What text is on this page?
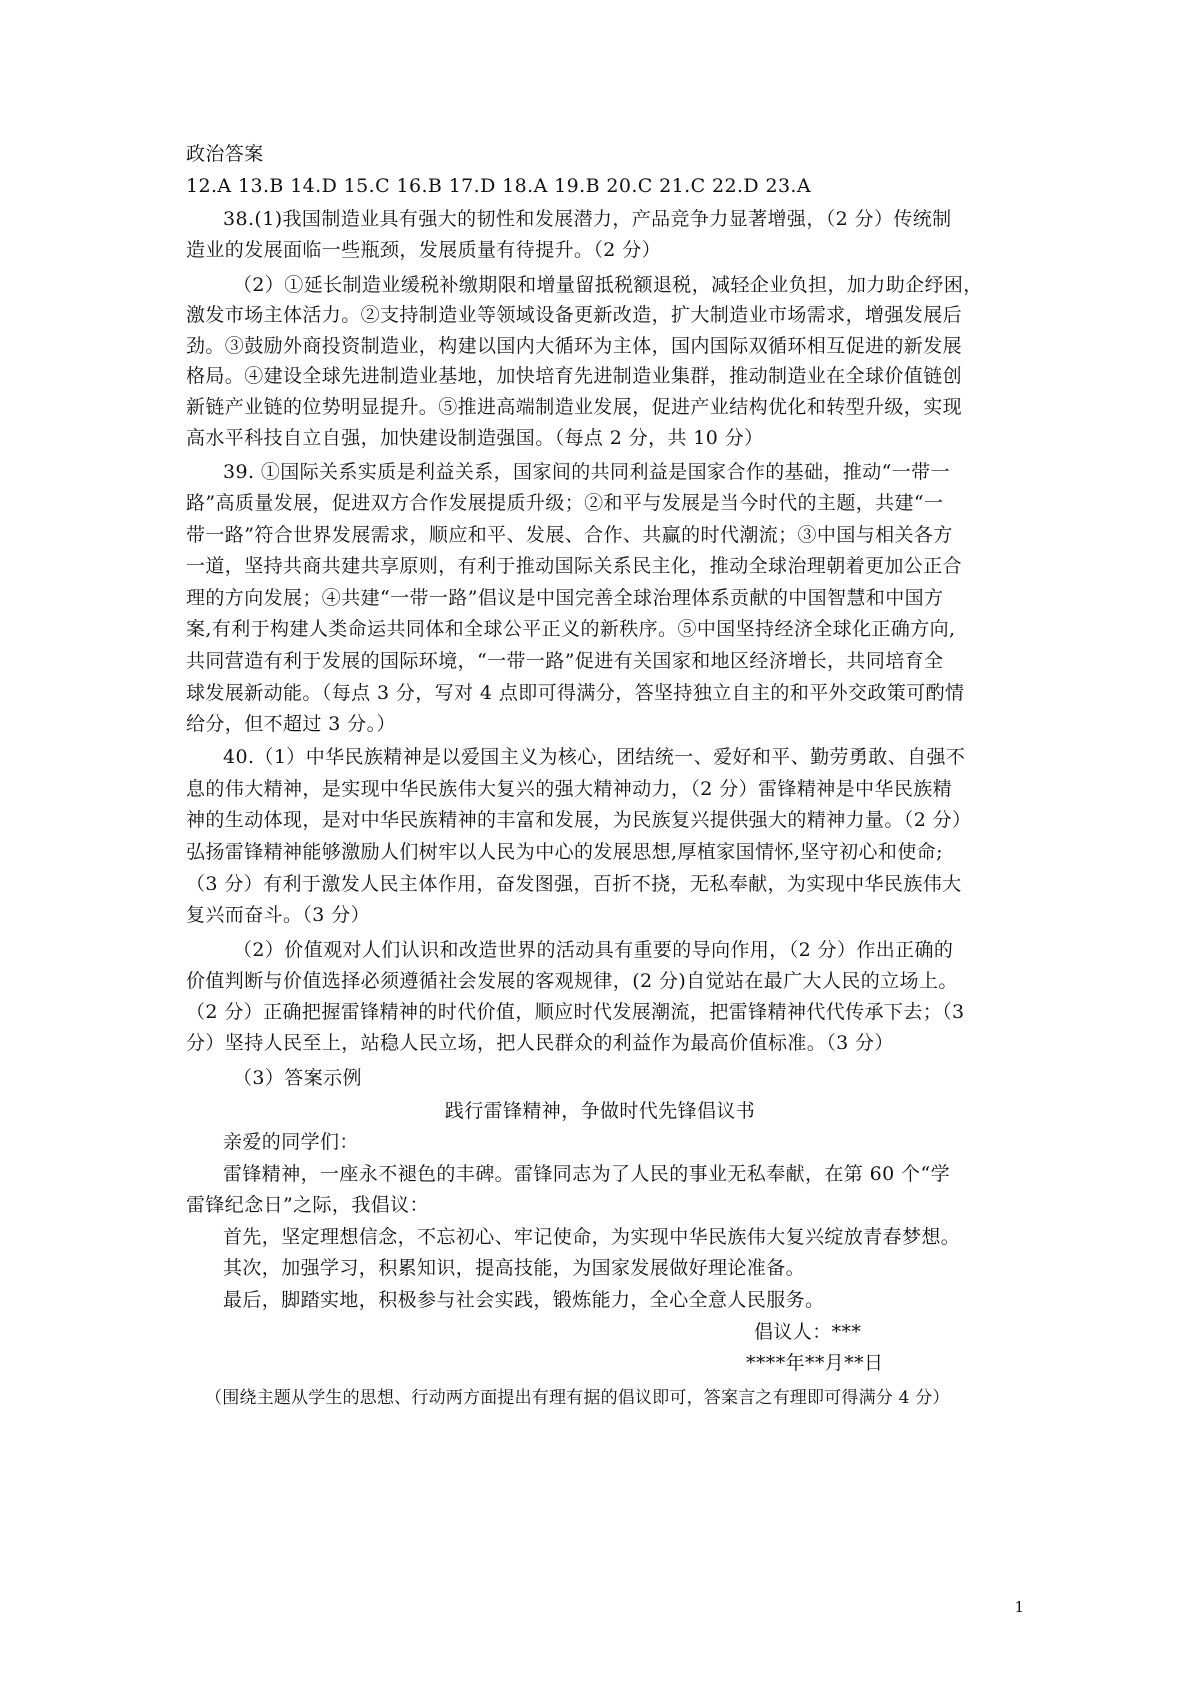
政治答案
12.A 13.B 14.D 15.C 16.B 17.D 18.A 19.B 20.C 21.C 22.D 23.A
38.(1)我国制造业具有强大的韧性和发展潜力，产品竞争力显著增强，（2 分）传统制
造业的发展面临一些瓶颈，发展质量有待提升。（2 分）
（2）①延长制造业缓税补缴期限和增量留抵税额退税，减轻企业负担，加力助企纾困，
激发市场主体活力。②支持制造业等领域设备更新改造，扩大制造业市场需求，增强发展后
劲。③鼓励外商投资制造业，构建以国内大循环为主体，国内国际双循环相互促进的新发展
格局。④建设全球先进制造业基地，加快培育先进制造业集群，推动制造业在全球价值链创
新链产业链的位势明显提升。⑤推进高端制造业发展，促进产业结构优化和转型升级，实现
高水平科技自立自强，加快建设制造强国。（每点 2 分，共 10 分）
39. ①国际关系实质是利益关系，国家间的共同利益是国家合作的基础，推动“一带一
路”高质量发展，促进双方合作发展提质升级；②和平与发展是当今时代的主题，共建“一
带一路”符合世界发展需求，顺应和平、发展、合作、共赢的时代潮流；③中国与相关各方
一道，坚持共商共建共享原则，有利于推动国际关系民主化，推动全球治理朝着更加公正合
理的方向发展；④共建“一带一路”倡议是中国完善全球治理体系贡献的中国智慧和中国方
案,有利于构建人类命运共同体和全球公平正义的新秩序。⑤中国坚持经济全球化正确方向,
共同营造有利于发展的国际环境，“一带一路”促进有关国家和地区经济增长，共同培育全
球发展新动能。（每点 3 分，写对 4 点即可得满分，答坚持独立自主的和平外交政策可酌情
给分，但不超过 3 分。）
40.（1）中华民族精神是以爱国主义为核心，团结统一、爱好和平、勤劳勇敢、自强不
息的伟大精神，是实现中华民族伟大复兴的强大精神动力，（2 分）雷锋精神是中华民族精
神的生动体现，是对中华民族精神的丰富和发展，为民族复兴提供强大的精神力量。（2 分）
弘扬雷锋精神能够激励人们树牢以人民为中心的发展思想,厚植家国情怀,坚守初心和使命;
（3 分）有利于激发人民主体作用，奋发图强，百折不挠，无私奉献，为实现中华民族伟大
复兴而奋斗。（3 分）
（2）价值观对人们认识和改造世界的活动具有重要的导向作用，（2 分）作出正确的
价值判断与价值选择必须遵循社会发展的客观规律，(2 分)自觉站在最广大人民的立场上。
（2 分）正确把握雷锋精神的时代价值，顺应时代发展潮流，把雷锋精神代代传承下去；（3
分）坚持人民至上，站稳人民立场，把人民群众的利益作为最高价值标准。（3 分）
（3）答案示例
践行雷锋精神，争做时代先锋倡议书
亲爱的同学们：
雷锋精神，一座永不褪色的丰碑。雷锋同志为了人民的事业无私奉献，在第 60 个“学
雷锋纪念日”之际，我倡议：
首先，坚定理想信念，不忘初心、牢记使命，为实现中华民族伟大复兴绽放青春梦想。
其次，加强学习，积累知识，提高技能，为国家发展做好理论准备。
最后，脚踏实地，积极参与社会实践，锻炼能力，全心全意人民服务。
倡议人：***
****年**月**日
（围绕主题从学生的思想、行动两方面提出有理有据的倡议即可，答案言之有理即可得满分 4 分）
1
